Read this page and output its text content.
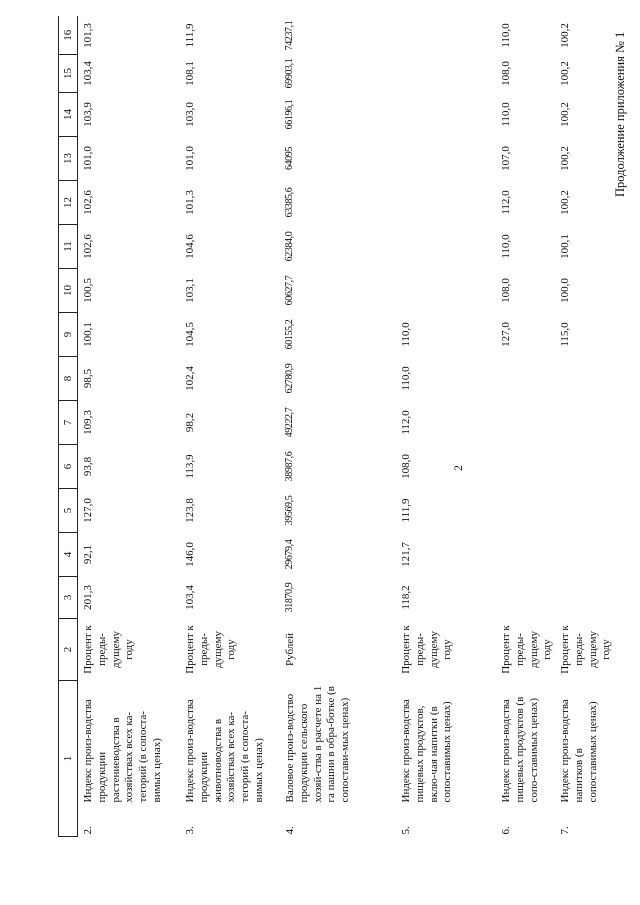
2
Продолжение приложения № 1
1		2	3	4	5	6	7	8	9	10	11	12	13	14	15	16
2.	Индекс произ-водства продукции растениеводства в хозяйствах всех ка-тегорий (в сопоста-вимых ценах)	Процент к преды-дущему году	201,3	92,1	127,0	93,8	109,3	98,5	100,1	100,5	102,6	102,6	101,0	103,9	103,4	101,3
3.	Индекс произ-водства продукции животноводства в хозяйствах всех ка-тегорий (в сопоста-вимых ценах)	Процент к преды-дущему году	103,4	146,0	123,8	113,9	98,2	102,4	104,5	103,1	104,6	101,3	101,0	103,0	108,1	111,9
4.	Валовое произ-водство продукции сельского хозяй-ства в расчете на 1 га пашни в обра-ботке (в сопостави-мых ценах)	Рублей	31870,9	29679,4	39569,5	38987,6	49222,7	62780,9	60155,2	60627,7	62384,0	63385,6	64095	66196,1	69903,1	74237,1
5.	Индекс произ-водства пищевых продуктов, вклю-чая напитки (в сопоставимых ценах)	Процент к преды-дущему году	118,2	121,7	111,9	108,0	112,0	110,0	110,0							
6.	Индекс произ-водства пищевых продуктов (в сопо-ставимых ценах)	Процент к преды-дущему году							127,0	108,0	110,0	112,0	107,0	110,0	108,0	110,0
7.	Индекс произ-водства напитков (в сопоставимых ценах)	Процент к преды-дущему году							115,0	100,0	100,1	100,2	100,2	100,2	100,2	100,2
